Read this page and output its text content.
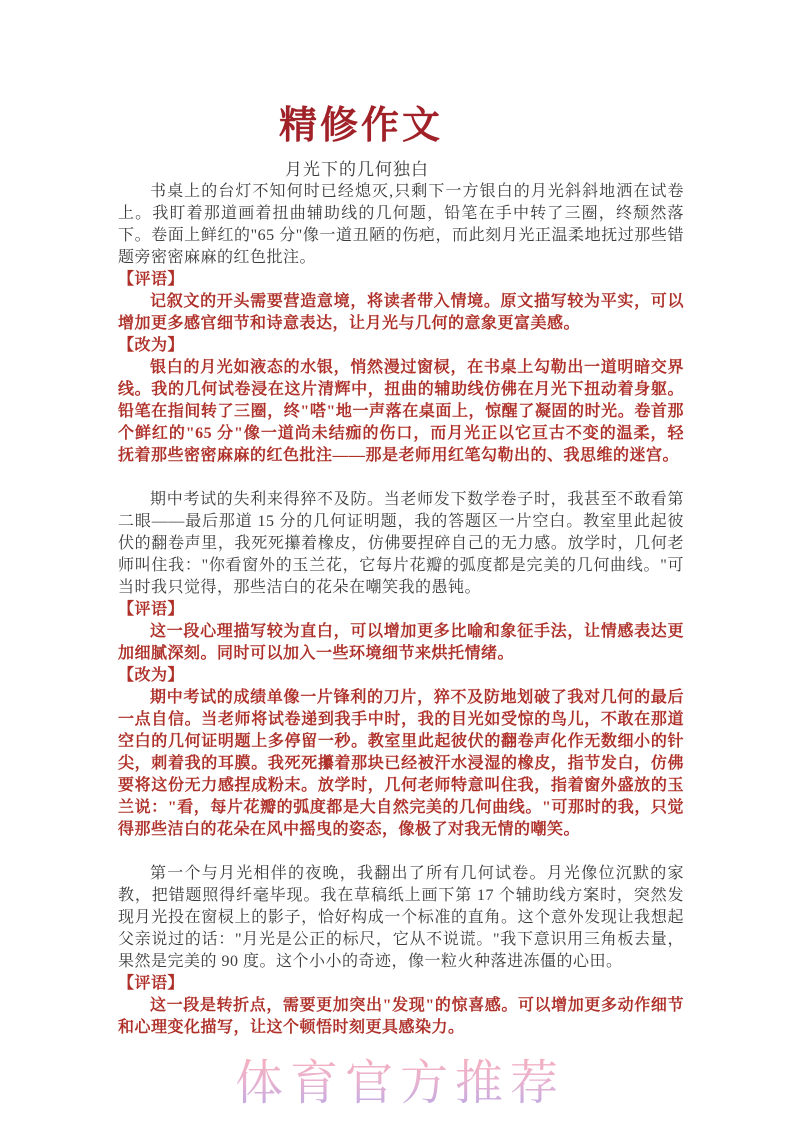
精修作文
月光下的几何独白

书桌上的台灯不知何时已经熄灭,只剩下一方银白的月光斜斜地洒在试卷上。我盯着那道画着扭曲辅助线的几何题，铅笔在手中转了三圈，终颓然落下。卷面上鲜红的"65 分"像一道丑陋的伤疤，而此刻月光正温柔地抚过那些错题旁密密麻麻的红色批注。

【评语】

记叙文的开头需要营造意境，将读者带入情境。原文描写较为平实，可以增加更多感官细节和诗意表达，让月光与几何的意象更富美感。

【改为】

银白的月光如液态的水银，悄然漫过窗棂，在书桌上勾勒出一道明暗交界线。我的几何试卷浸在这片清辉中，扭曲的辅助线仿佛在月光下扭动着身躯。铅笔在指间转了三圈，终"嗒"地一声落在桌面上，惊醒了凝固的时光。卷首那个鲜红的"65 分"像一道尚未结痂的伤口，而月光正以它亘古不变的温柔，轻抚着那些密密麻麻的红色批注——那是老师用红笔勾勒出的、我思维的迷宫。

期中考试的失利来得猝不及防。当老师发下数学卷子时，我甚至不敢看第二眼——最后那道 15 分的几何证明题，我的答题区一片空白。教室里此起彼伏的翻卷声里，我死死攥着橡皮，仿佛要捏碎自己的无力感。放学时，几何老师叫住我："你看窗外的玉兰花，它每片花瓣的弧度都是完美的几何曲线。"可当时我只觉得，那些洁白的花朵在嘲笑我的愚钝。

【评语】

这一段心理描写较为直白，可以增加更多比喻和象征手法，让情感表达更加细腻深刻。同时可以加入一些环境细节来烘托情绪。

【改为】

期中考试的成绩单像一片锋利的刀片，猝不及防地划破了我对几何的最后一点自信。当老师将试卷递到我手中时，我的目光如受惊的鸟儿，不敢在那道空白的几何证明题上多停留一秒。教室里此起彼伏的翻卷声化作无数细小的针尖，刺着我的耳膜。我死死攥着那块已经被汗水浸湿的橡皮，指节发白，仿佛要将这份无力感捏成粉末。放学时，几何老师特意叫住我，指着窗外盛放的玉兰说："看，每片花瓣的弧度都是大自然完美的几何曲线。"可那时的我，只觉得那些洁白的花朵在风中摇曳的姿态，像极了对我无情的嘲笑。

第一个与月光相伴的夜晚，我翻出了所有几何试卷。月光像位沉默的家教，把错题照得纤毫毕现。我在草稿纸上画下第 17 个辅助线方案时，突然发现月光投在窗棂上的影子，恰好构成一个标准的直角。这个意外发现让我想起父亲说过的话："月光是公正的标尺，它从不说谎。"我下意识用三角板去量，果然是完美的 90 度。这个小小的奇迹，像一粒火种落进冻僵的心田。

【评语】

这一段是转折点，需要更加突出"发现"的惊喜感。可以增加更多动作细节和心理变化描写，让这个顿悟时刻更具感染力。

体育官方推荐
